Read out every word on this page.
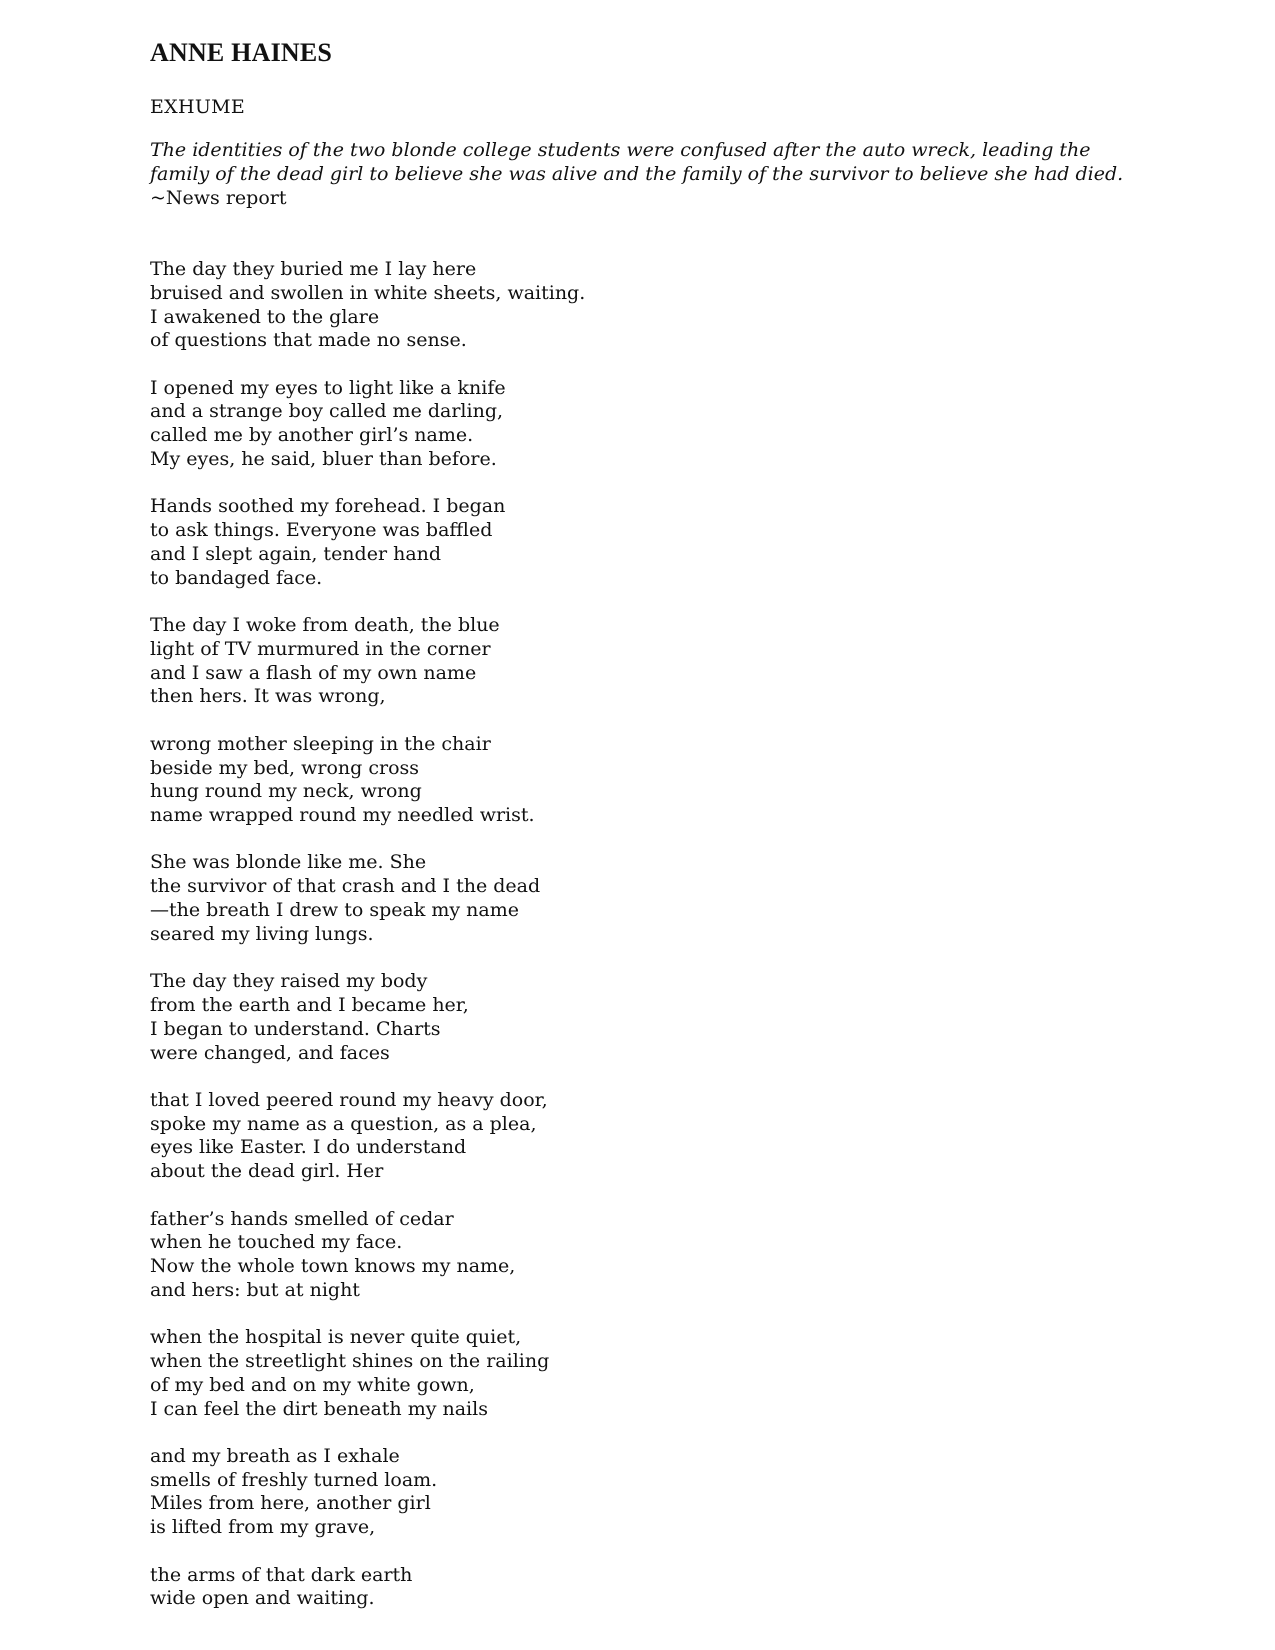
ANNE HAINES
EXHUME
The identities of the two blonde college students were confused after the auto wreck, leading the family of the dead girl to believe she was alive and the family of the survivor to believe she had died. ~News report
The day they buried me I lay here
bruised and swollen in white sheets, waiting.
I awakened to the glare
of questions that made no sense.
I opened my eyes to light like a knife
and a strange boy called me darling,
called me by another girl’s name.
My eyes, he said, bluer than before.
Hands soothed my forehead. I began
to ask things. Everyone was baffled
and I slept again, tender hand
to bandaged face.
The day I woke from death, the blue
light of TV murmured in the corner
and I saw a flash of my own name
then hers. It was wrong,
wrong mother sleeping in the chair
beside my bed, wrong cross
hung round my neck, wrong
name wrapped round my needled wrist.
She was blonde like me. She
the survivor of that crash and I the dead
—the breath I drew to speak my name
seared my living lungs.
The day they raised my body
from the earth and I became her,
I began to understand. Charts
were changed, and faces
that I loved peered round my heavy door,
spoke my name as a question, as a plea,
eyes like Easter. I do understand
about the dead girl. Her
father’s hands smelled of cedar
when he touched my face.
Now the whole town knows my name,
and hers: but at night
when the hospital is never quite quiet,
when the streetlight shines on the railing
of my bed and on my white gown,
I can feel the dirt beneath my nails
and my breath as I exhale
smells of freshly turned loam.
Miles from here, another girl
is lifted from my grave,
the arms of that dark earth
wide open and waiting.
